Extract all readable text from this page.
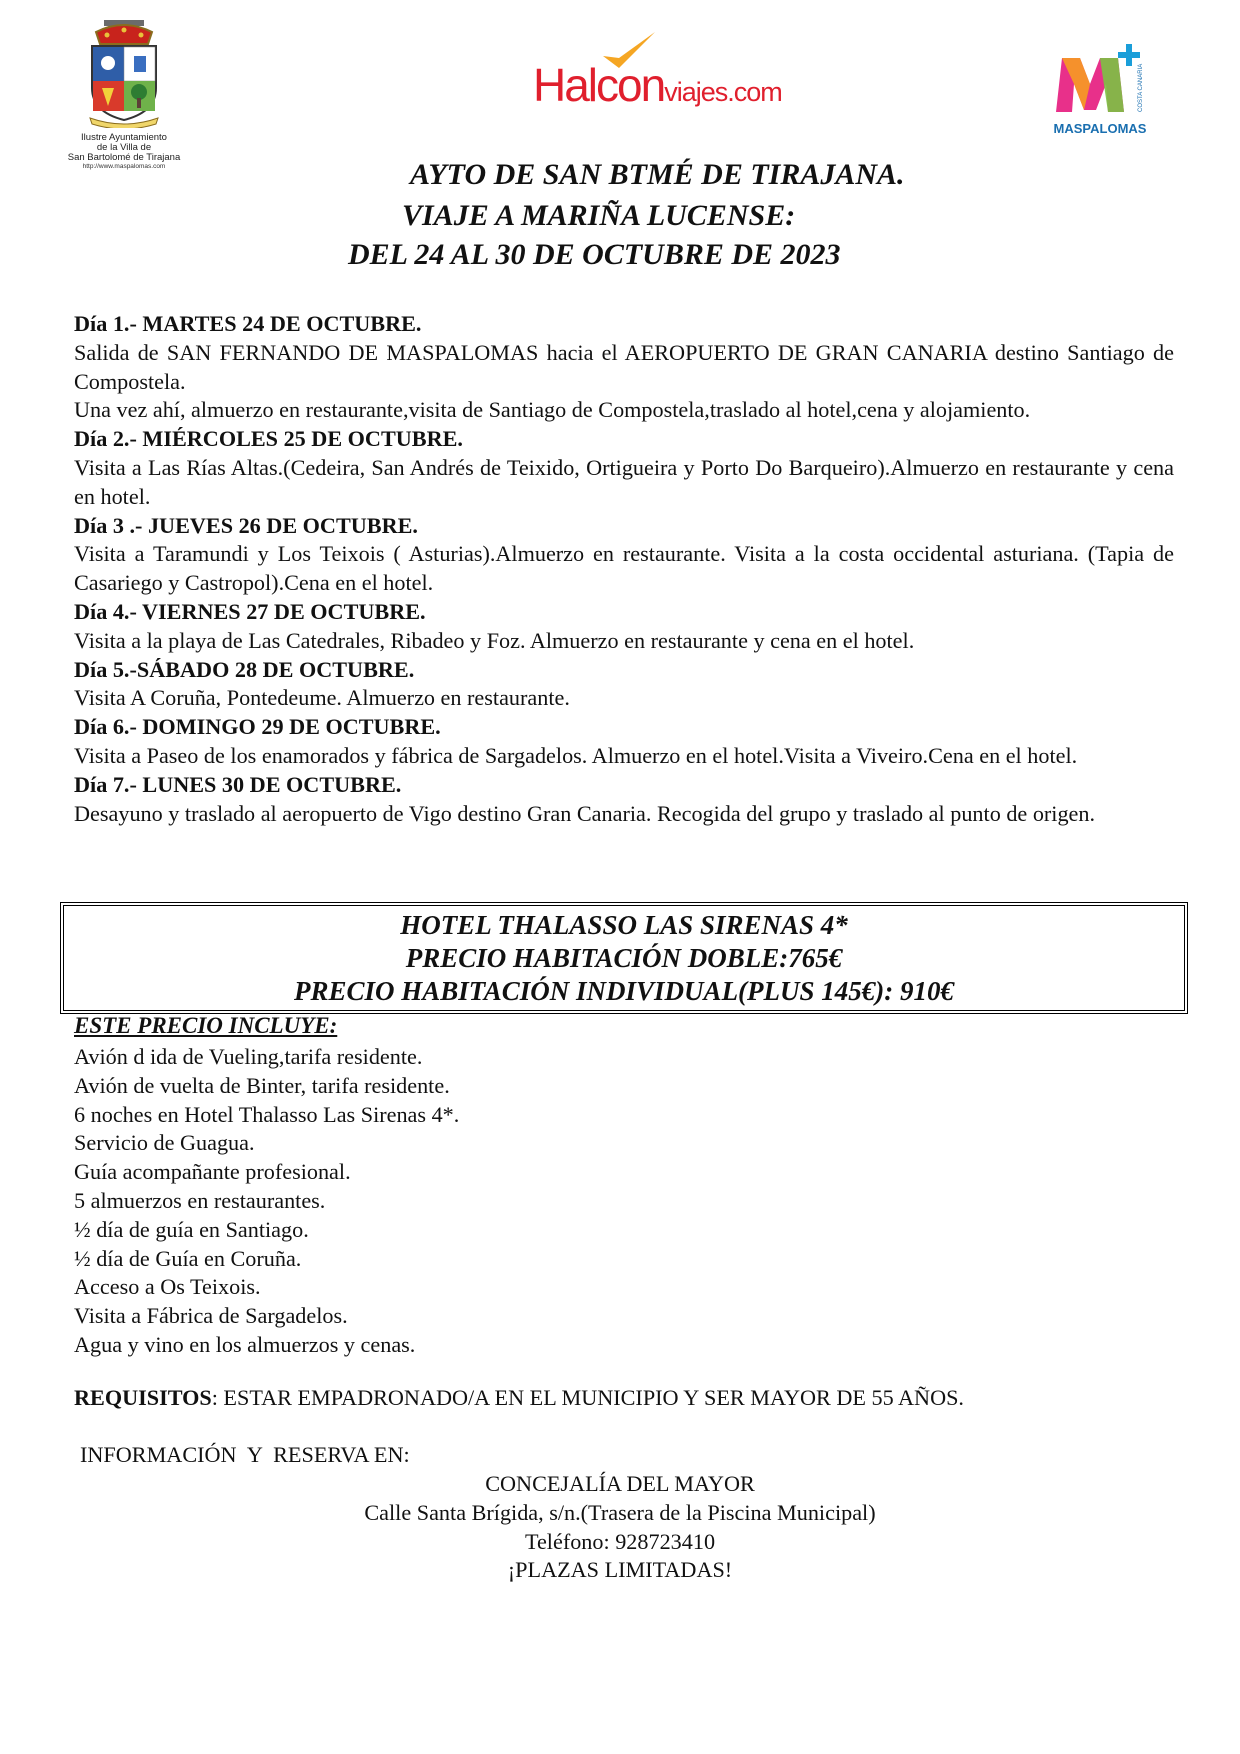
Ilustre Ayuntamiento
de la Villa de
San Bartolomé de Tirajana
http://www.maspalomas.com
Halconviajes.com	COSTA CANARIA
MASPALOMAS
AYTO DE SAN BTMÉ DE TIRAJANA.
VIAJE A MARIÑA LUCENSE:
DEL 24 AL 30 DE OCTUBRE DE 2023

Día 1.- MARTES 24 DE OCTUBRE.

Salida de SAN FERNANDO DE MASPALOMAS hacia el AEROPUERTO DE GRAN CANARIA destino Santiago de Compostela.

Una vez ahí, almuerzo en restaurante,visita de Santiago de Compostela,traslado al hotel,cena y alojamiento.

Día 2.- MIÉRCOLES 25 DE OCTUBRE.

Visita a Las Rías Altas.(Cedeira, San Andrés de Teixido, Ortigueira y Porto Do Barqueiro).Almuerzo en restaurante y cena en hotel.

Día 3 .- JUEVES 26 DE OCTUBRE.

Visita a Taramundi y Los Teixois ( Asturias).Almuerzo en restaurante. Visita a la costa occidental asturiana. (Tapia de Casariego y Castropol).Cena en el hotel.

Día 4.- VIERNES 27 DE OCTUBRE.

Visita a la playa de Las Catedrales, Ribadeo y Foz. Almuerzo en restaurante y cena en el hotel.

Día 5.-SÁBADO 28 DE OCTUBRE.

Visita A Coruña, Pontedeume. Almuerzo en restaurante.

Día 6.- DOMINGO 29 DE OCTUBRE.

Visita a Paseo de los enamorados y fábrica de Sargadelos. Almuerzo en el hotel.Visita a Viveiro.Cena en el hotel.

Día 7.- LUNES 30 DE OCTUBRE.

Desayuno y traslado al aeropuerto de Vigo destino Gran Canaria. Recogida del grupo y traslado al punto de origen.

HOTEL THALASSO LAS SIRENAS 4*
PRECIO HABITACIÓN DOBLE:765€
PRECIO HABITACIÓN INDIVIDUAL(PLUS 145€): 910€
ESTE PRECIO INCLUYE:
Avión d ida de Vueling,tarifa residente.
Avión de vuelta de Binter, tarifa residente.
6 noches en Hotel Thalasso Las Sirenas 4*.
Servicio de Guagua.
Guía acompañante profesional.
5 almuerzos en restaurantes.
½ día de guía en Santiago.
½ día de Guía en Coruña.
Acceso a Os Teixois.
Visita a Fábrica de Sargadelos.
Agua y vino en los almuerzos y cenas.
REQUISITOS: ESTAR EMPADRONADO/A EN EL MUNICIPIO Y SER MAYOR DE 55 AÑOS.
INFORMACIÓN  Y  RESERVA EN:
CONCEJALÍA DEL MAYOR
Calle Santa Brígida, s/n.(Trasera de la Piscina Municipal)
Teléfono: 928723410
¡PLAZAS LIMITADAS!
